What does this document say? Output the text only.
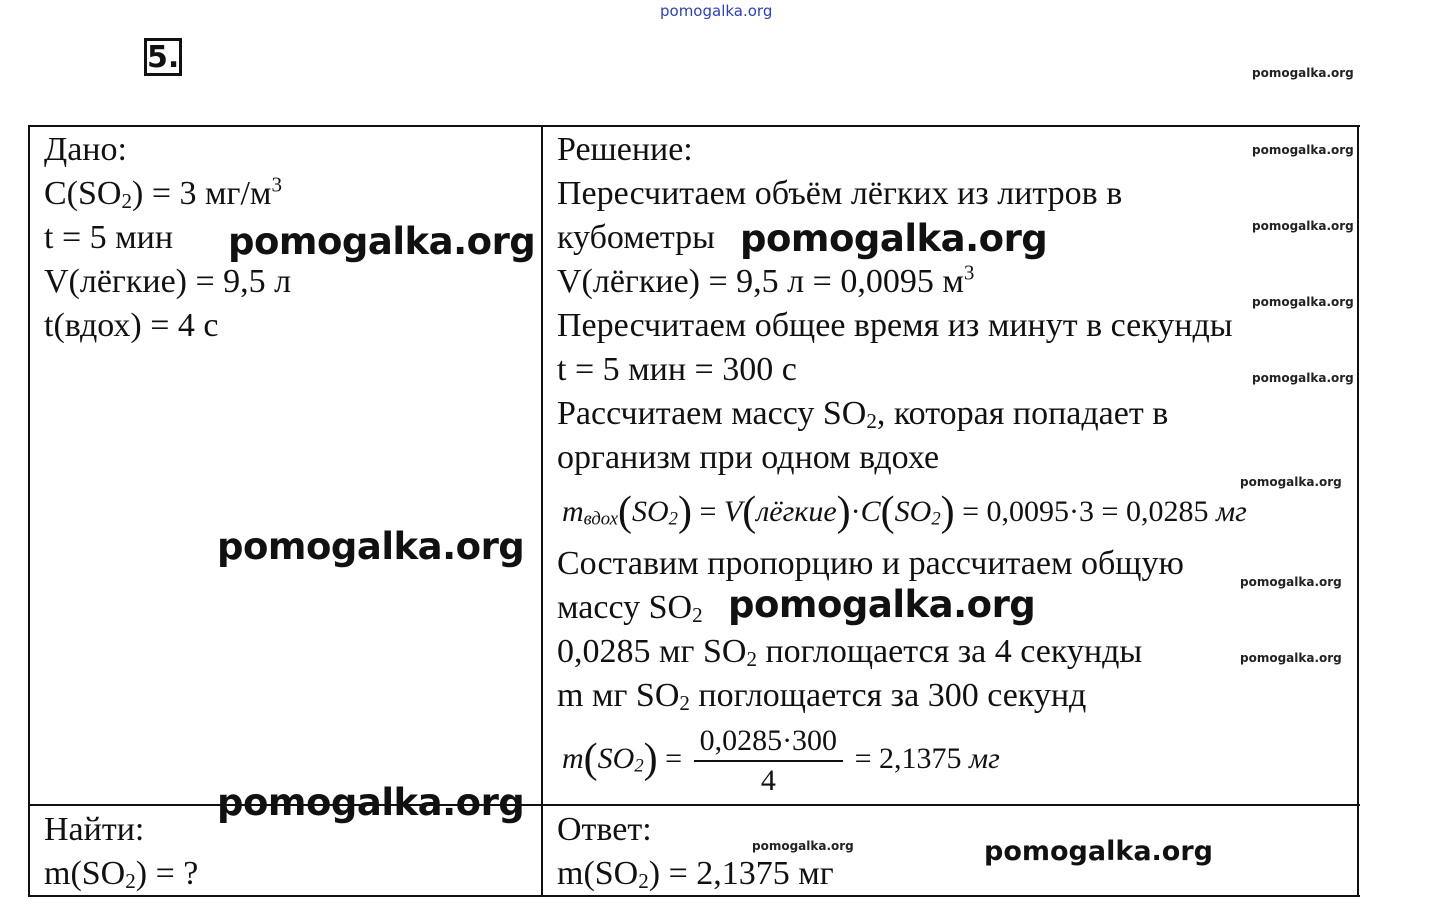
pomogalka.org
5.	pomogalka.org
Дано:
$C(SO_2) = 3$ $мг/м^3$
t = 5 мин
V(лёгкие) = 9,5 л
t(вдох) = 4 с
Найти:
$m(SO_2)$ = ?
Решение:
Пересчитаем объём лёгких из литров в
кубометры
V(лёгкие) = 9,5 л = 0,0095 $м^3$
Пересчитаем общее время из минут в секунды
t = 5 мин = 300 с
Рассчитаем массу $SO_2$, которая попадает в
организм при одном вдохе
$m_{вдох}(SO_2)$ = $V(лёгкие)\cdot C(SO_2) = 0,0095\cdot 3 = 0,0285$ мг
Составим пропорцию и рассчитаем общую
массу $SO_2$
0,0285 мг $SO_2$ поглощается за 4 секунды
m мг $SO_2$ поглощается за 300 секунд
$m(SO_2) = \frac{0,0285\cdot 300}{4} = 2,1375$ мг
Ответ:
$m(SO_2) = 2,1375$ мг
pomogalka.org
pomogalka.org
pomogalka.org
pomogalka.org
pomogalka.org
pomogalka.org
pomogalka.org
pomogalka.org
pomogalka.org	pomogalka.org
pomogalka.org
pomogalka.org
pomogalka.org
pomogalka.org
